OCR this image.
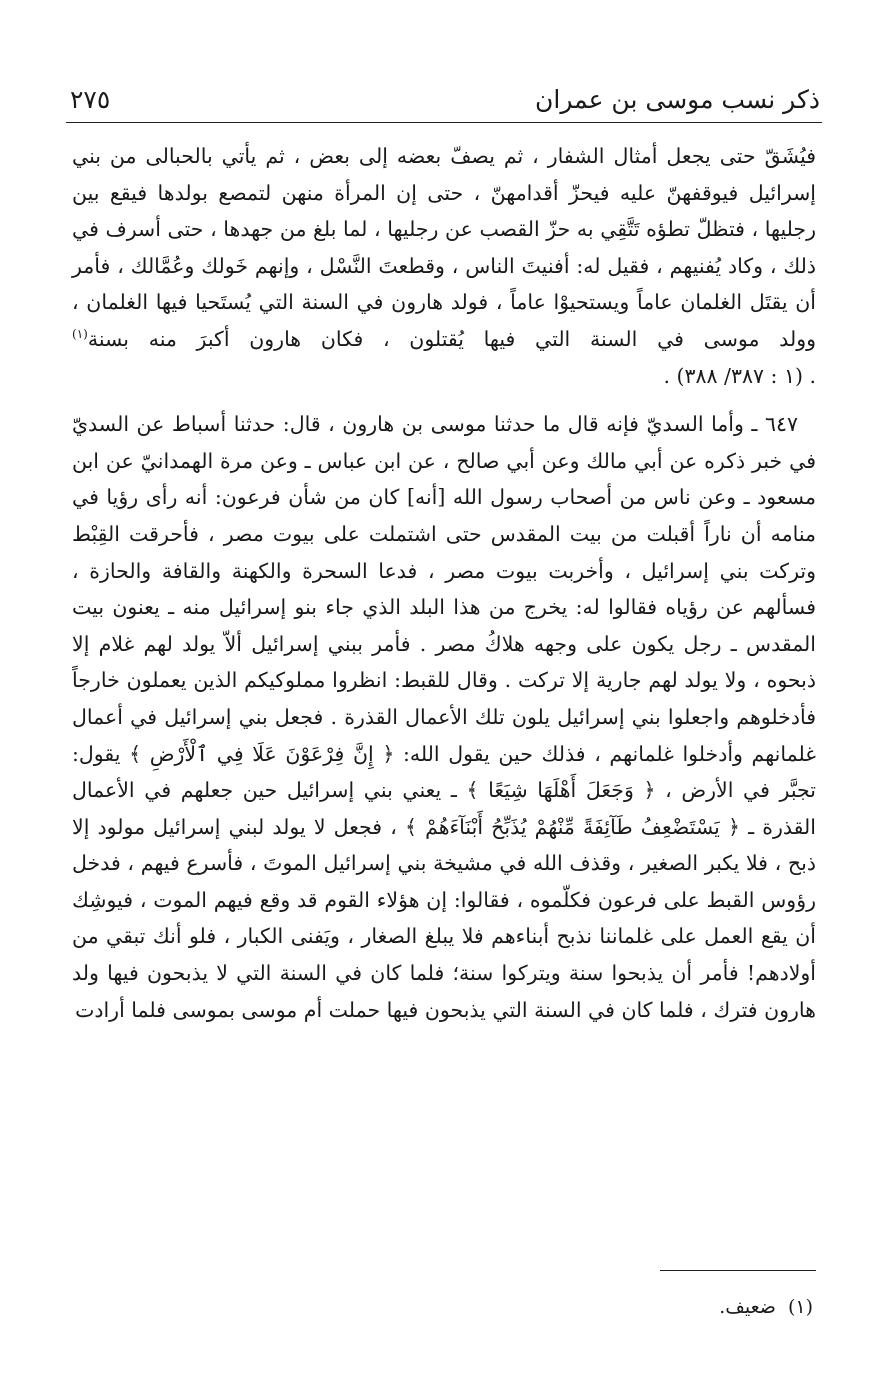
ذكر نسب موسى بن عمران
٢٧٥

فيُشَقّ حتى يجعل أمثال الشفار ، ثم يصفّ بعضه إلى بعض ، ثم يأتي بالحبالى من بني إسرائيل فيوقفهنّ عليه فيحزّ أقدامهنّ ، حتى إن المرأة منهن لتمصع بولدها فيقع بين رجليها ، فتظلّ تطؤه تَتَّقِي به حزّ القصب عن رجليها ، لما بلغ من جهدها ، حتى أسرف في ذلك ، وكاد يُفنيهم ، فقيل له: أفنيتَ الناس ، وقطعتَ النَّسْل ، وإنهم خَولك وعُمَّالك ، فأمر أن يقتَل الغلمان عاماً ويستحيوْا عاماً ، فولد هارون في السنة التي يُستَحيا فيها الغلمان ، وولد موسى في السنة التي فيها يُقتلون ، فكان هارون أكبرَ منه بسنة$^{(١)}$ . (١ : ٣٨٧/ ٣٨٨) .

٦٤٧ ـ وأما السديّ فإنه قال ما حدثنا موسى بن هارون ، قال: حدثنا أسباط عن السديّ في خبر ذكره عن أبي مالك وعن أبي صالح ، عن ابن عباس ـ وعن مرة الهمدانيّ عن ابن مسعود ـ وعن ناس من أصحاب رسول الله [أنه] كان من شأن فرعون: أنه رأى رؤيا في منامه أن ناراً أقبلت من بيت المقدس حتى اشتملت على بيوت مصر ، فأحرقت القِبْط وتركت بني إسرائيل ، وأخربت بيوت مصر ، فدعا السحرة والكهنة والقافة والحازة ، فسألهم عن رؤياه فقالوا له: يخرج من هذا البلد الذي جاء بنو إسرائيل منه ـ يعنون بيت المقدس ـ رجل يكون على وجهه هلاكُ مصر . فأمر ببني إسرائيل ألاّ يولد لهم غلام إلا ذبحوه ، ولا يولد لهم جارية إلا تركت . وقال للقبط: انظروا مملوكيكم الذين يعملون خارجاً فأدخلوهم واجعلوا بني إسرائيل يلون تلك الأعمال القذرة . فجعل بني إسرائيل في أعمال غلمانهم وأدخلوا غلمانهم ، فذلك حين يقول الله: ﴿ إِنَّ فِرْعَوْنَ عَلَا فِي ٱلْأَرْضِ ﴾ يقول: تجبَّر في الأرض ، ﴿ وَجَعَلَ أَهْلَهَا شِيَعًا ﴾ ـ يعني بني إسرائيل حين جعلهم في الأعمال القذرة ـ ﴿ يَسْتَضْعِفُ طَآئِفَةً مِّنْهُمْ يُذَبِّحُ أَبْنَآءَهُمْ ﴾ ، فجعل لا يولد لبني إسرائيل مولود إلا ذبح ، فلا يكبر الصغير ، وقذف الله في مشيخة بني إسرائيل الموتَ ، فأسرع فيهم ، فدخل رؤوس القبط على فرعون فكلّموه ، فقالوا: إن هؤلاء القوم قد وقع فيهم الموت ، فيوشِك أن يقع العمل على غلماننا نذبح أبناءهم فلا يبلغ الصغار ، ويَفنى الكبار ، فلو أنك تبقي من أولادهم! فأمر أن يذبحوا سنة ويتركوا سنة؛ فلما كان في السنة التي لا يذبحون فيها ولد هارون فترك ، فلما كان في السنة التي يذبحون فيها حملت أم موسى بموسى فلما أرادت

(١)ضعيف.
